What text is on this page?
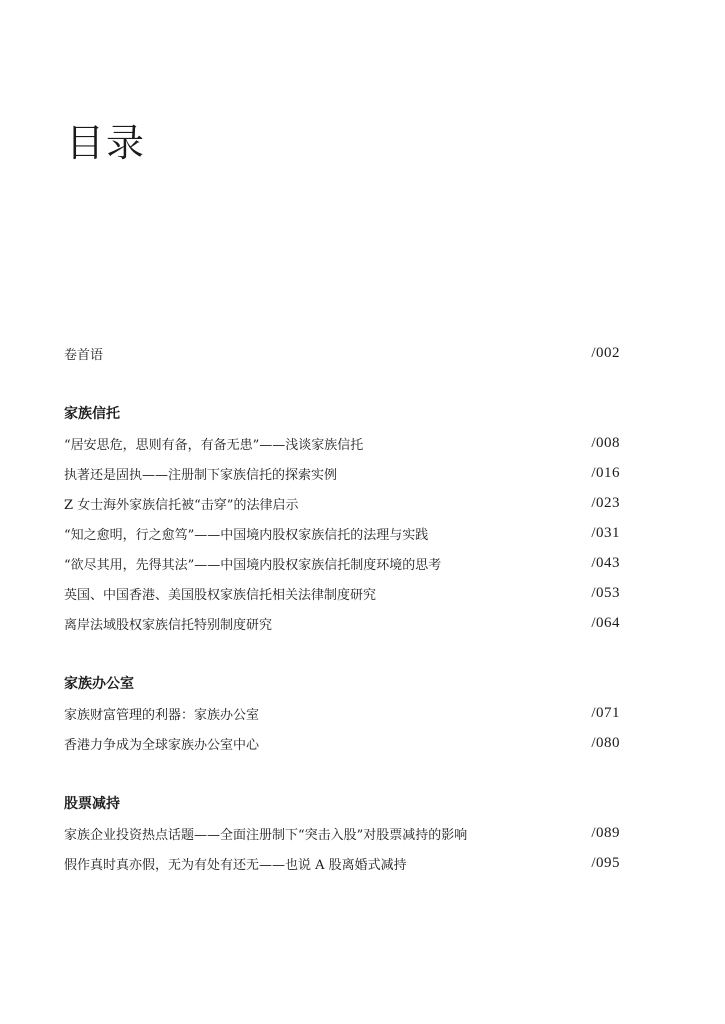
目录
卷首语	/002
家族信托
“居安思危，思则有备，有备无患”——浅谈家族信托	/008
执著还是固执——注册制下家族信托的探索实例	/016
Z 女士海外家族信托被“击穿”的法律启示	/023
“知之愈明，行之愈笃”——中国境内股权家族信托的法理与实践	/031
“欲尽其用，先得其法”——中国境内股权家族信托制度环境的思考	/043
英国、中国香港、美国股权家族信托相关法律制度研究	/053
离岸法域股权家族信托特别制度研究	/064
家族办公室
家族财富管理的利器：家族办公室	/071
香港力争成为全球家族办公室中心	/080
股票减持
家族企业投资热点话题——全面注册制下“突击入股”对股票减持的影响	/089
假作真时真亦假，无为有处有还无——也说 A 股离婚式减持	/095
